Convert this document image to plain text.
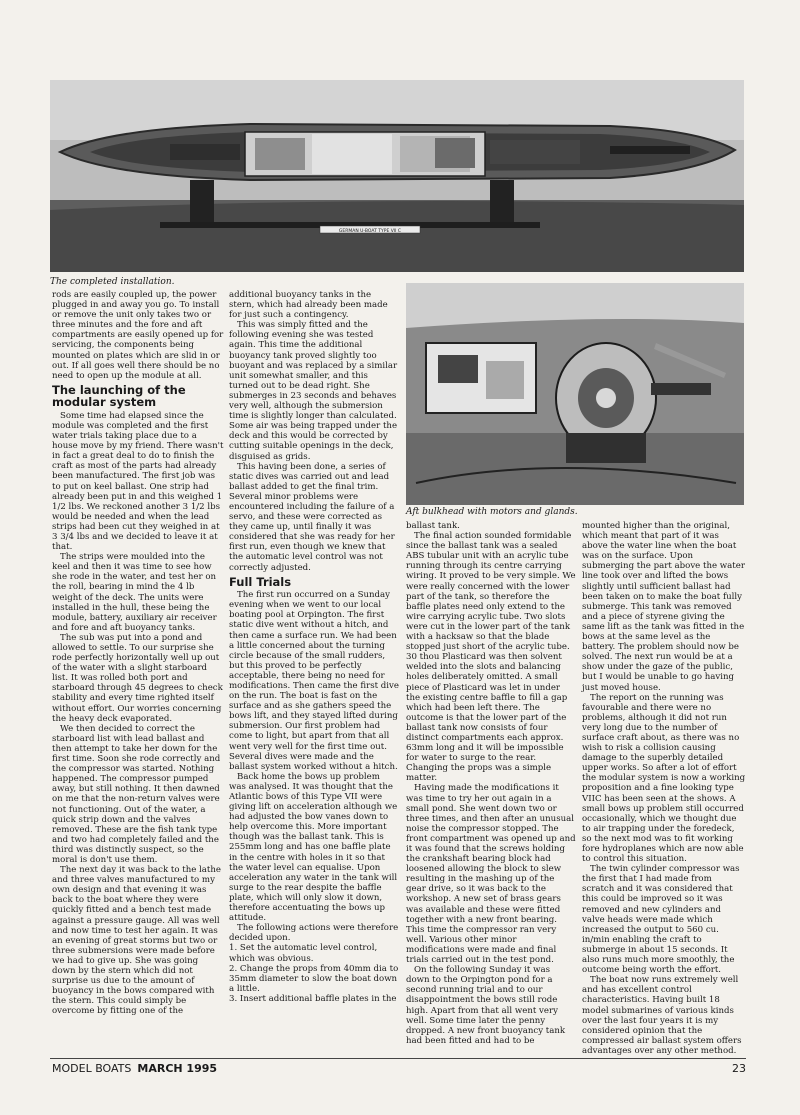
GERMAN U-BOAT TYPE VII C
The completed installation.
Aft bulkhead with motors and glands.

rods are easily coupled up, the power plugged in and away you go. To install or remove the unit only takes two or three minutes and the fore and aft compartments are easily opened up for servicing, the components being mounted on plates which are slid in or out. If all goes well there should be no need to open up the module at all.

The launching of the modular system

Some time had elapsed since the module was completed and the first water trials taking place due to a house move by my friend. There wasn't in fact a great deal to do to finish the craft as most of the parts had already been manufactured. The first job was to put on keel ballast. One strip had already been put in and this weighed 1 1/2 lbs. We reckoned another 3 1/2 lbs would be needed and when the lead strips had been cut they weighed in at 3 3/4 lbs and we decided to leave it at that.

The strips were moulded into the keel and then it was time to see how she rode in the water, and test her on the roll, bearing in mind the 4 lb weight of the deck. The units were installed in the hull, these being the module, battery, auxiliary air receiver and fore and aft buoyancy tanks.

The sub was put into a pond and allowed to settle. To our surprise she rode perfectly horizontally well up out of the water with a slight starboard list. It was rolled both port and starboard through 45 degrees to check stability and every time righted itself without effort. Our worries concerning the heavy deck evaporated.

We then decided to correct the starboard list with lead ballast and then attempt to take her down for the first time. Soon she rode correctly and the compressor was started. Nothing happened. The compressor pumped away, but still nothing. It then dawned on me that the non-return valves were not functioning. Out of the water, a quick strip down and the valves removed. These are the fish tank type and two had completely failed and the third was distinctly suspect, so the moral is don't use them.

The next day it was back to the lathe and three valves manufactured to my own design and that evening it was back to the boat where they were quickly fitted and a bench test made against a pressure gauge. All was well and now time to test her again. It was an evening of great storms but two or three submersions were made before we had to give up. She was going down by the stern which did not surprise us due to the amount of buoyancy in the bows compared with the stern. This could simply be overcome by fitting one of the

additional buoyancy tanks in the stern, which had already been made for just such a contingency.

This was simply fitted and the following evening she was tested again. This time the additional buoyancy tank proved slightly too buoyant and was replaced by a similar unit somewhat smaller, and this turned out to be dead right. She submerges in 23 seconds and behaves very well, although the submersion time is slightly longer than calculated. Some air was being trapped under the deck and this would be corrected by cutting suitable openings in the deck, disguised as grids.

This having been done, a series of static dives was carried out and lead ballast added to get the final trim. Several minor problems were encountered including the failure of a servo, and these were corrected as they came up, until finally it was considered that she was ready for her first run, even though we knew that the automatic level control was not correctly adjusted.

Full Trials

The first run occurred on a Sunday evening when we went to our local boating pool at Orpington. The first static dive went without a hitch, and then came a surface run. We had been a little concerned about the turning circle because of the small rudders, but this proved to be perfectly acceptable, there being no need for modifications. Then came the first dive on the run. The boat is fast on the surface and as she gathers speed the bows lift, and they stayed lifted during submersion. Our first problem had come to light, but apart from that all went very well for the first time out. Several dives were made and the ballast system worked without a hitch.

Back home the bows up problem was analysed. It was thought that the Atlantic bows of this Type VII were giving lift on acceleration although we had adjusted the bow vanes down to help overcome this. More important though was the ballast tank. This is 255mm long and has one baffle plate in the centre with holes in it so that the water level can equalise. Upon acceleration any water in the tank will surge to the rear despite the baffle plate, which will only slow it down, therefore accentuating the bows up attitude.

The following actions were therefore decided upon.

1. Set the automatic level control, which was obvious.

2. Change the props from 40mm dia to 35mm diameter to slow the boat down a little.

3. Insert additional baffle plates in the

ballast tank.

The final action sounded formidable since the ballast tank was a sealed ABS tubular unit with an acrylic tube running through its centre carrying wiring. It proved to be very simple. We were really concerned with the lower part of the tank, so therefore the baffle plates need only extend to the wire carrying acrylic tube. Two slots were cut in the lower part of the tank with a hacksaw so that the blade stopped just short of the acrylic tube. 30 thou Plasticard was then solvent welded into the slots and balancing holes deliberately omitted. A small piece of Plasticard was let in under the existing centre baffle to fill a gap which had been left there. The outcome is that the lower part of the ballast tank now consists of four distinct compartments each approx. 63mm long and it will be impossible for water to surge to the rear. Changing the props was a simple matter.

Having made the modifications it was time to try her out again in a small pond. She went down two or three times, and then after an unusual noise the compressor stopped. The front compartment was opened up and it was found that the screws holding the crankshaft bearing block had loosened allowing the block to slew resulting in the mashing up of the gear drive, so it was back to the workshop. A new set of brass gears was available and these were fitted together with a new front bearing. This time the compressor ran very well. Various other minor modifications were made and final trials carried out in the test pond.

On the following Sunday it was down to the Orpington pond for a second running trial and to our disappointment the bows still rode high. Apart from that all went very well. Some time later the penny dropped. A new front buoyancy tank had been fitted and had to be

mounted higher than the original, which meant that part of it was above the water line when the boat was on the surface. Upon submerging the part above the water line took over and lifted the bows slightly until sufficient ballast had been taken on to make the boat fully submerge. This tank was removed and a piece of styrene giving the same lift as the tank was fitted in the bows at the same level as the battery. The problem should now be solved. The next run would be at a show under the gaze of the public, but I would be unable to go having just moved house.

The report on the running was favourable and there were no problems, although it did not run very long due to the number of surface craft about, as there was no wish to risk a collision causing damage to the superbly detailed upper works. So after a lot of effort the modular system is now a working proposition and a fine looking type VIIC has been seen at the shows. A small bows up problem still occurred occasionally, which we thought due to air trapping under the foredeck, so the next mod was to fit working fore hydroplanes which are now able to control this situation.

The twin cylinder compressor was the first that I had made from scratch and it was considered that this could be improved so it was removed and new cylinders and valve heads were made which increased the output to 560 cu. in/min enabling the craft to submerge in about 15 seconds. It also runs much more smoothly, the outcome being worth the effort.

The boat now runs extremely well and has excellent control characteristics. Having built 18 model submarines of various kinds over the last four years it is my considered opinion that the compressed air ballast system offers advantages over any other method.

MODEL BOATS MARCH 1995	23
